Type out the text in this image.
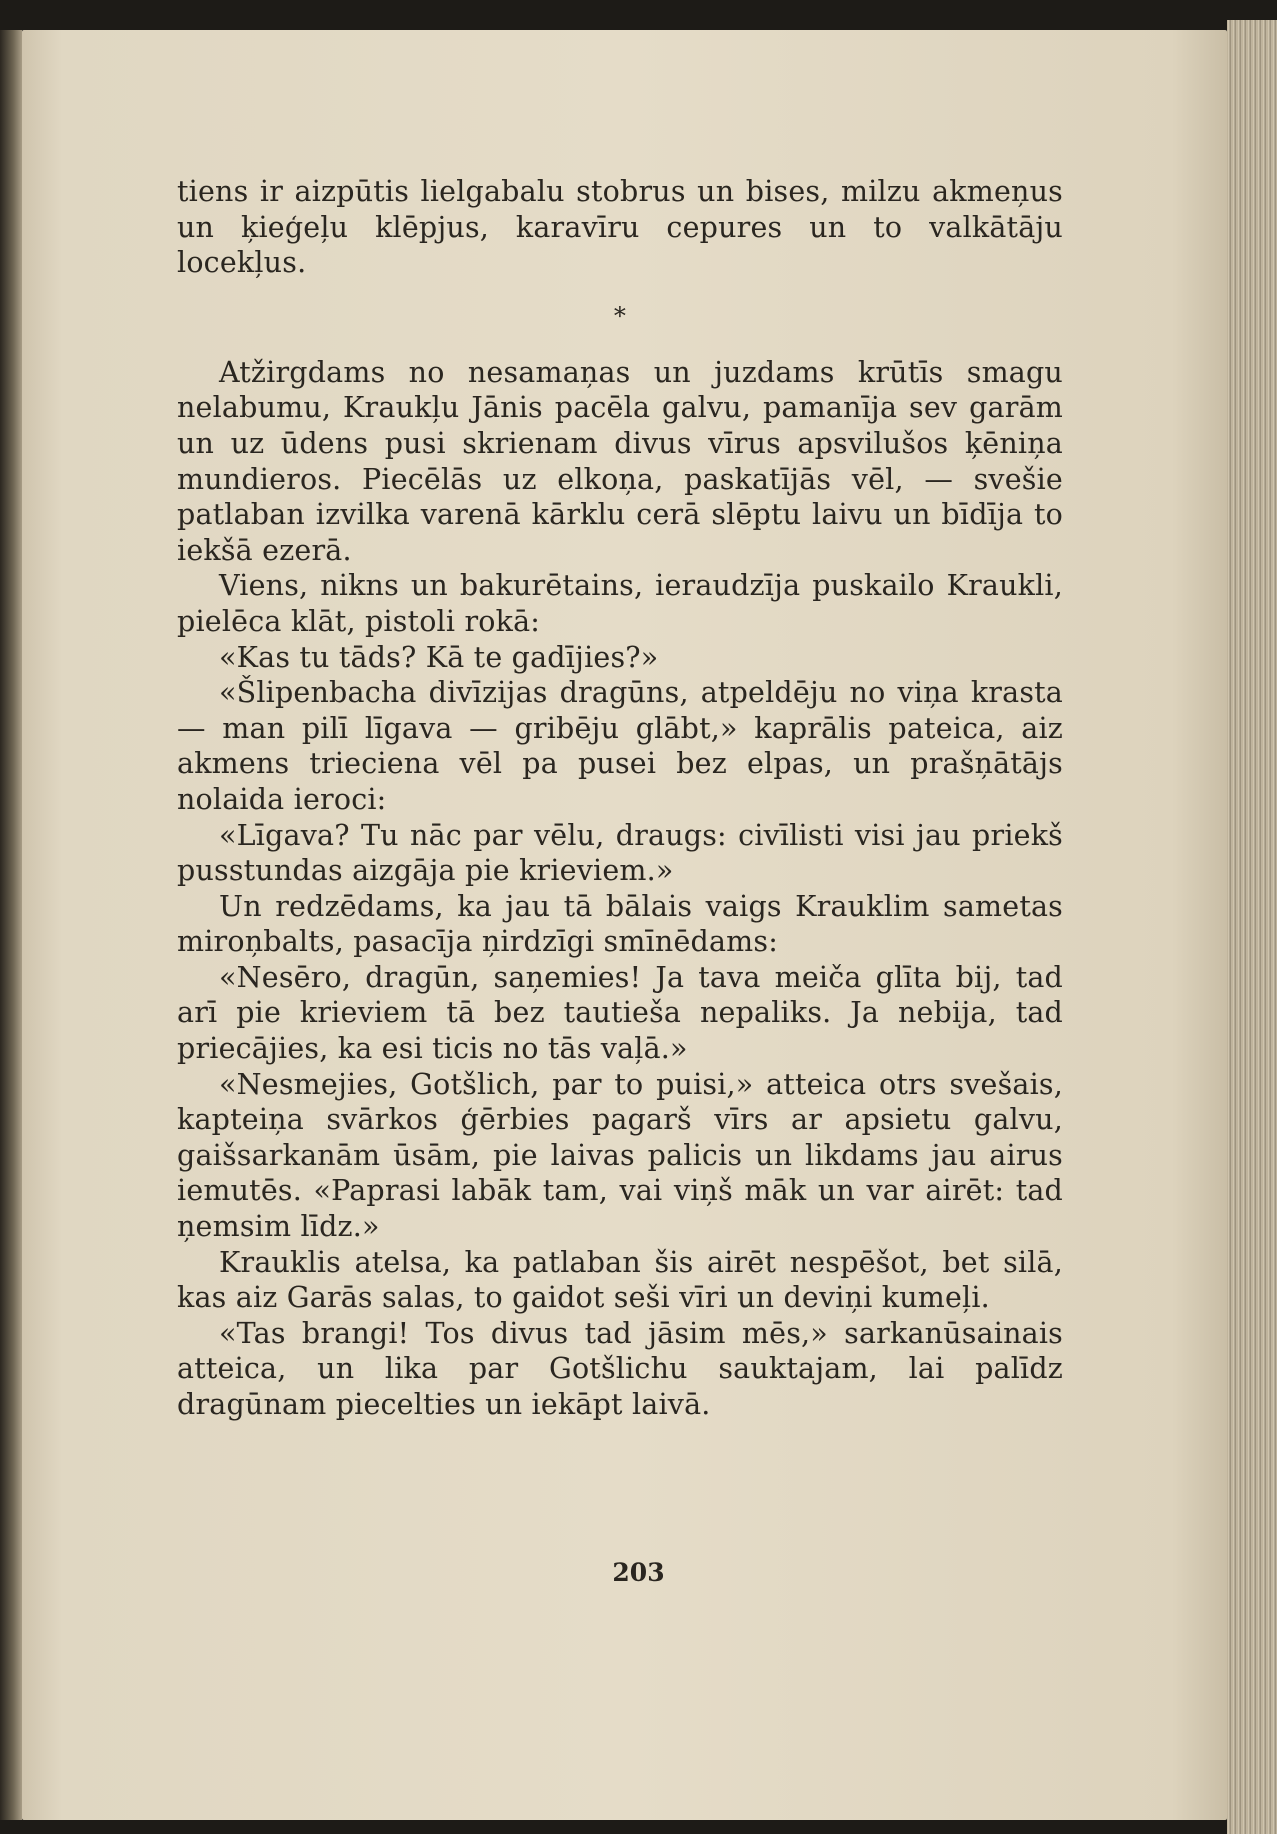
tiens ir aizpūtis lielgabalu stobrus un bises, milzu akmeņus un ķieģeļu klēpjus, karavīru cepures un to valkātāju locekļus.

*

Atžirgdams no nesamaņas un juzdams krūtīs smagu nelabumu, Kraukļu Jānis pacēla galvu, pamanīja sev garām un uz ūdens pusi skrienam divus vīrus apsvilušos ķēniņa mundieros. Piecēlās uz elkoņa, paskatījās vēl, — svešie patlaban izvilka varenā kārklu cerā slēptu laivu un bīdīja to iekšā ezerā.

Viens, nikns un bakurētains, ieraudzīja puskailo Kraukli, pielēca klāt, pistoli rokā:

«Kas tu tāds? Kā te gadījies?»

«Šlipenbacha divīzijas dragūns, atpeldēju no viņa krasta — man pilī līgava — gribēju glābt,» kaprālis pateica, aiz akmens trieciena vēl pa pusei bez elpas, un prašņātājs nolaida ieroci:

«Līgava? Tu nāc par vēlu, draugs: civīlisti visi jau priekš pusstundas aizgāja pie krieviem.»

Un redzēdams, ka jau tā bālais vaigs Krauklim sametas miroņbalts, pasacīja ņirdzīgi smīnēdams:

«Nesēro, dragūn, saņemies! Ja tava meiča glīta bij, tad arī pie krieviem tā bez tautieša nepaliks. Ja nebija, tad priecājies, ka esi ticis no tās vaļā.»

«Nesmejies, Gotšlich, par to puisi,» atteica otrs svešais, kapteiņa svārkos ģērbies pagarš vīrs ar apsietu galvu, gaišsarkanām ūsām, pie laivas palicis un likdams jau airus iemutēs. «Paprasi labāk tam, vai viņš māk un var airēt: tad ņemsim līdz.»

Krauklis atelsa, ka patlaban šis airēt nespēšot, bet silā, kas aiz Garās salas, to gaidot seši vīri un deviņi kumeļi.

«Tas brangi! Tos divus tad jāsim mēs,» sarkanūsainais atteica, un lika par Gotšlichu sauktajam, lai palīdz dragūnam piecelties un iekāpt laivā.

203
